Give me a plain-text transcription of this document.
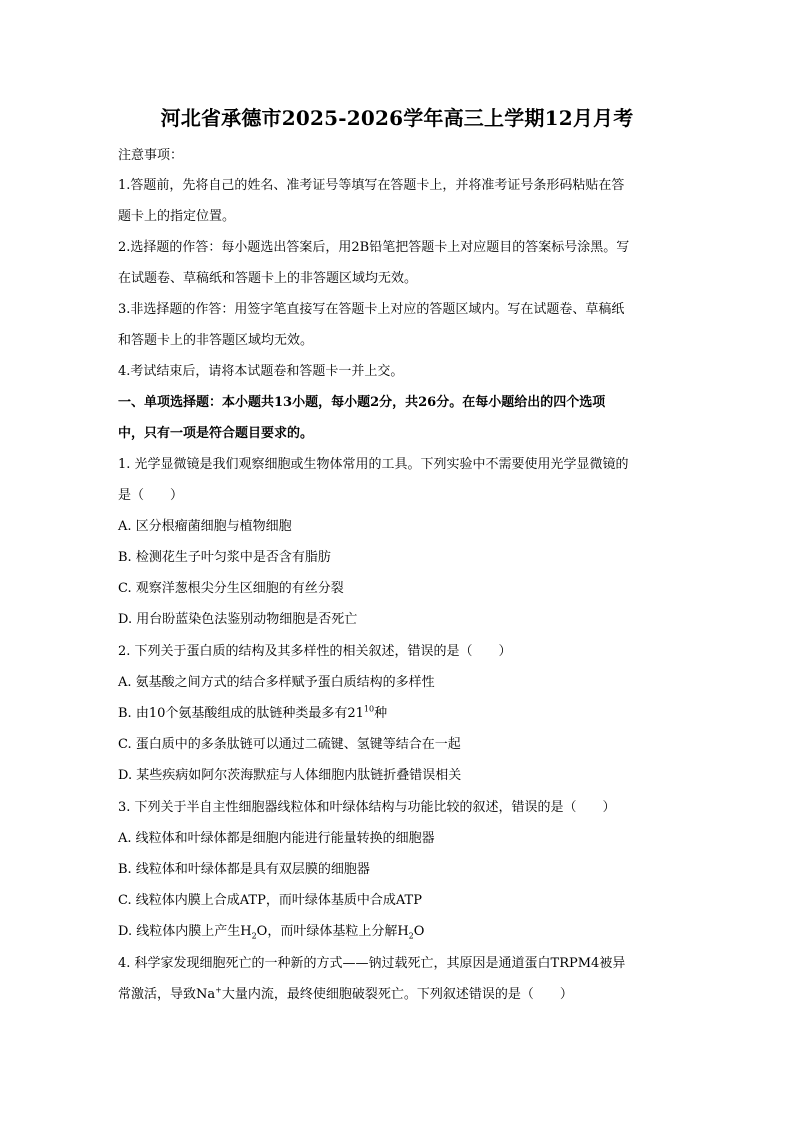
河北省承德市2025-2026学年高三上学期12月月考
注意事项：
1.答题前，先将自己的姓名、准考证号等填写在答题卡上，并将准考证号条形码粘贴在答
题卡上的指定位置。
2.选择题的作答：每小题选出答案后，用2B铅笔把答题卡上对应题目的答案标号涂黑。写
在试题卷、草稿纸和答题卡上的非答题区域均无效。
3.非选择题的作答：用签字笔直接写在答题卡上对应的答题区域内。写在试题卷、草稿纸
和答题卡上的非答题区域均无效。
4.考试结束后，请将本试题卷和答题卡一并上交。
一、单项选择题：本小题共13小题，每小题2分，共26分。在每小题给出的四个选项
中，只有一项是符合题目要求的。
1. 光学显微镜是我们观察细胞或生物体常用的工具。下列实验中不需要使用光学显微镜的
是（　　）
A. 区分根瘤菌细胞与植物细胞
B. 检测花生子叶匀浆中是否含有脂肪
C. 观察洋葱根尖分生区细胞的有丝分裂
D. 用台盼蓝染色法鉴别动物细胞是否死亡
2. 下列关于蛋白质的结构及其多样性的相关叙述，错误的是（　　）
A. 氨基酸之间方式的结合多样赋予蛋白质结构的多样性
B. 由10个氨基酸组成的肽链种类最多有$21^{10}$种
C. 蛋白质中的多条肽链可以通过二硫键、氢键等结合在一起
D. 某些疾病如阿尔茨海默症与人体细胞内肽链折叠错误相关
3. 下列关于半自主性细胞器线粒体和叶绿体结构与功能比较的叙述，错误的是（　　）
A. 线粒体和叶绿体都是细胞内能进行能量转换的细胞器
B. 线粒体和叶绿体都是具有双层膜的细胞器
C. 线粒体内膜上合成ATP，而叶绿体基质中合成ATP
D. 线粒体内膜上产生$H_2O$，而叶绿体基粒上分解$H_2O$
4. 科学家发现细胞死亡的一种新的方式——钠过载死亡，其原因是通道蛋白TRPM4被异
常激活，导致Na+大量内流，最终使细胞破裂死亡。下列叙述错误的是（　　）
